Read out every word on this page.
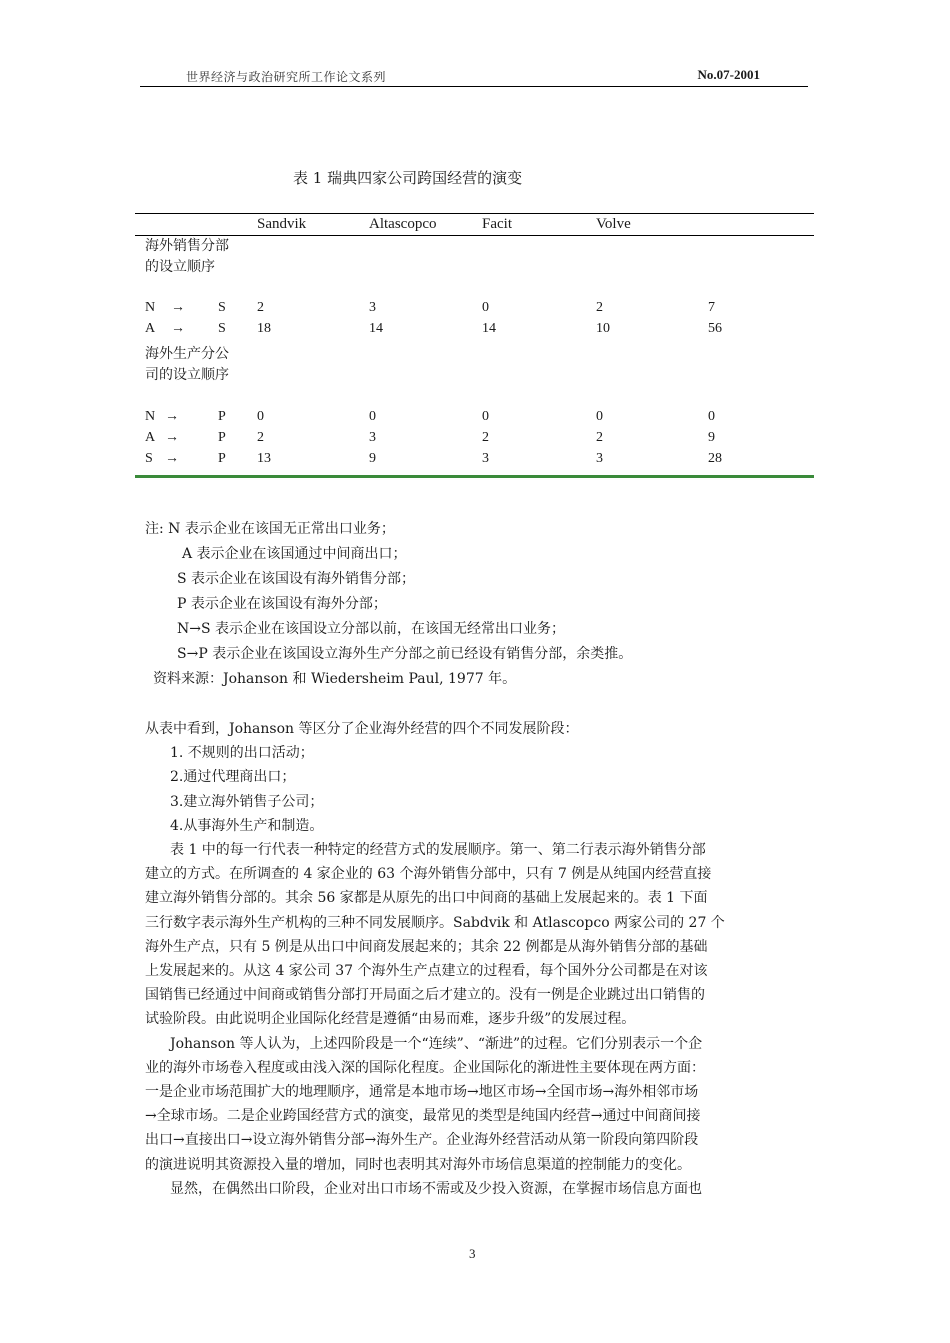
世界经济与政治研究所工作论文系列	No.07-2001
表 1 瑞典四家公司跨国经营的演变
Sandvik	Altascopco	Facit	Volve
海外销售分部的设立顺序
N → S 2	3	0	2	7
A → S 18	14	14	10	56
海外生产分公司的设立顺序
N →	P 0	0	0	0	0
A →	P 2	3	2	2	9
S →	P 13	9	3	3	28
注: N 表示企业在该国无正常出口业务；
A 表示企业在该国通过中间商出口；
S 表示企业在该国设有海外销售分部；
P 表示企业在该国设有海外分部；
N→S 表示企业在该国设立分部以前，在该国无经常出口业务；
S→P 表示企业在该国设立海外生产分部之前已经设有销售分部，余类推。
资料来源：Johanson 和 Wiedersheim Paul, 1977 年。
从表中看到，Johanson 等区分了企业海外经营的四个不同发展阶段：
1. 不规则的出口活动；
2.通过代理商出口；
3.建立海外销售子公司；
4.从事海外生产和制造。
表 1 中的每一行代表一种特定的经营方式的发展顺序。第一、第二行表示海外销售分部
建立的方式。在所调查的 4 家企业的 63 个海外销售分部中，只有 7 例是从纯国内经营直接
建立海外销售分部的。其余 56 家都是从原先的出口中间商的基础上发展起来的。表 1 下面
三行数字表示海外生产机构的三种不同发展顺序。Sabdvik 和 Atlascopco 两家公司的 27 个
海外生产点，只有 5 例是从出口中间商发展起来的；其余 22 例都是从海外销售分部的基础
上发展起来的。从这 4 家公司 37 个海外生产点建立的过程看，每个国外分公司都是在对该
国销售已经通过中间商或销售分部打开局面之后才建立的。没有一例是企业跳过出口销售的
试验阶段。由此说明企业国际化经营是遵循“由易而难，逐步升级”的发展过程。
Johanson 等人认为，上述四阶段是一个“连续”、“渐进”的过程。它们分别表示一个企
业的海外市场卷入程度或由浅入深的国际化程度。企业国际化的渐进性主要体现在两方面：
一是企业市场范围扩大的地理顺序，通常是本地市场→地区市场→全国市场→海外相邻市场
→全球市场。二是企业跨国经营方式的演变，最常见的类型是纯国内经营→通过中间商间接
出口→直接出口→设立海外销售分部→海外生产。企业海外经营活动从第一阶段向第四阶段
的演进说明其资源投入量的增加，同时也表明其对海外市场信息渠道的控制能力的变化。
显然，在偶然出口阶段，企业对出口市场不需或及少投入资源，在掌握市场信息方面也
3
